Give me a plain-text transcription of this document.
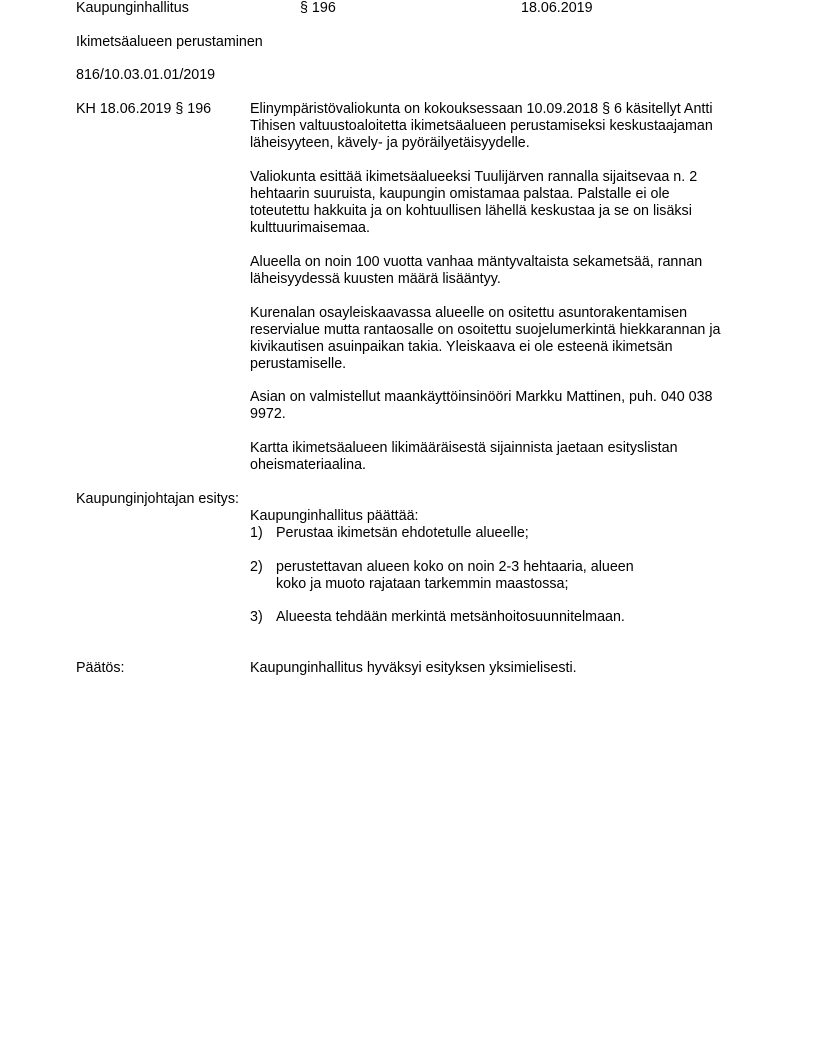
Kaupunginhallitus	§ 196	18.06.2019
Ikimetsäalueen perustaminen
816/10.03.01.01/2019
KH 18.06.2019 § 196	Elinympäristövaliokunta on kokouksessaan 10.09.2018 § 6 käsitellyt Antti

Tihisen valtuustoaloitetta ikimetsäalueen perustamiseksi keskustaajaman

läheisyyteen, kävely- ja pyöräilyetäisyydelle.

Valiokunta esittää ikimetsäalueeksi Tuulijärven rannalla sijaitsevaa n. 2

hehtaarin suuruista, kaupungin omistamaa palstaa. Palstalle ei ole

toteutettu hakkuita ja on kohtuullisen lähellä keskustaa ja se on lisäksi

kulttuurimaisemaa.

Alueella on noin 100 vuotta vanhaa mäntyvaltaista sekametsää, rannan

läheisyydessä kuusten määrä lisääntyy.

Kurenalan osayleiskaavassa alueelle on ositettu asuntorakentamisen

reservialue mutta rantaosalle on osoitettu suojelumerkintä hiekkarannan ja

kivikautisen asuinpaikan takia. Yleiskaava ei ole esteenä ikimetsän

perustamiselle.

Asian on valmistellut maankäyttöinsinööri Markku Mattinen, puh. 040 038

9972.

Kartta ikimetsäalueen likimääräisestä sijainnista jaetaan esityslistan

oheismateriaalina.

Kaupunginjohtajan esitys:
Kaupunginhallitus päättää:
1) Perustaa ikimetsän ehdotetulle alueelle;

2) perustettavan alueen koko on noin 2-3 hehtaaria, alueen

koko ja muoto rajataan tarkemmin maastossa;

3) Alueesta tehdään merkintä metsänhoitosuunnitelmaan.

Päätös:	Kaupunginhallitus hyväksyi esityksen yksimielisesti.
